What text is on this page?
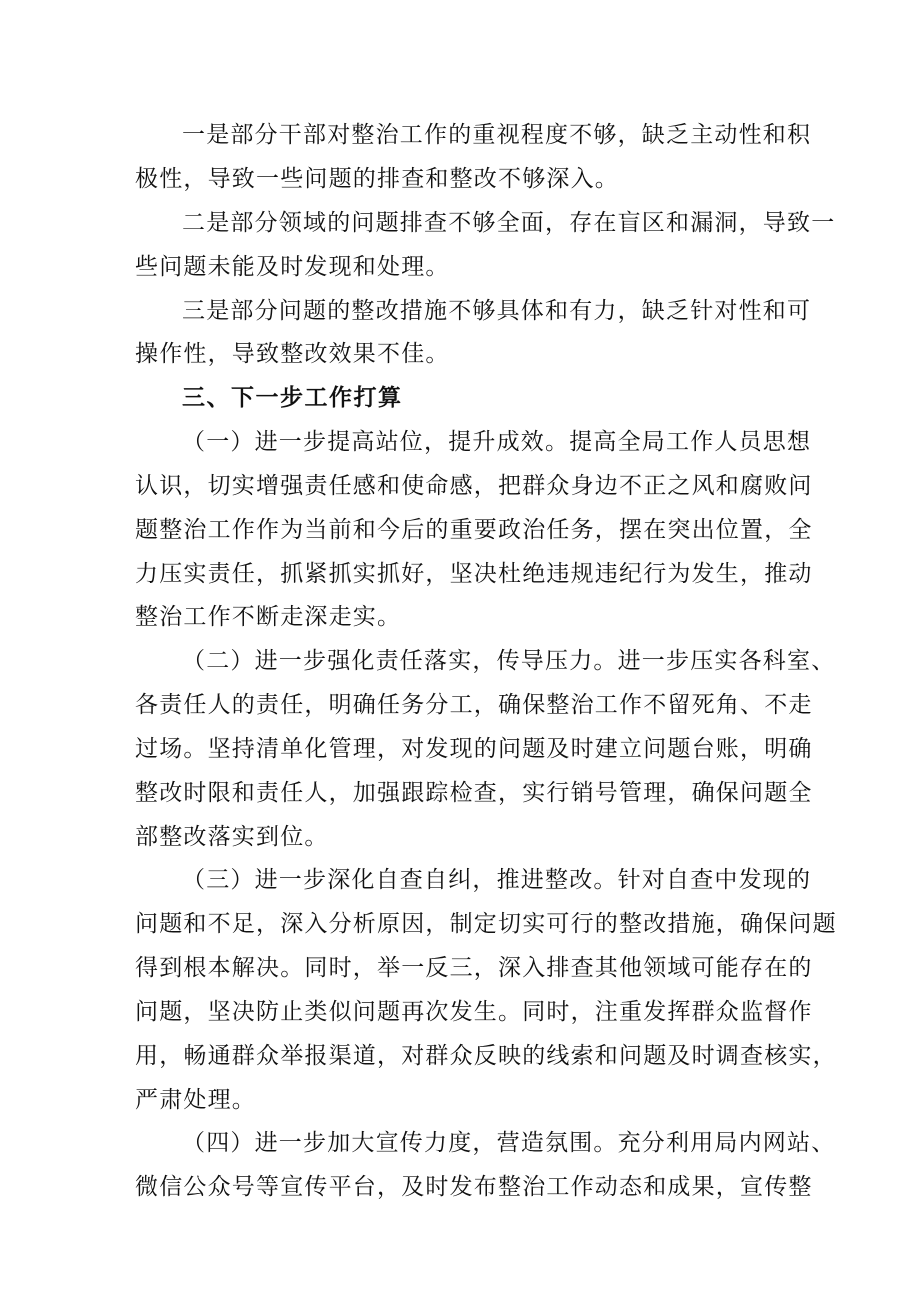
一是部分干部对整治工作的重视程度不够，缺乏主动性和积
极性，导致一些问题的排查和整改不够深入。
二是部分领域的问题排查不够全面，存在盲区和漏洞，导致一
些问题未能及时发现和处理。
三是部分问题的整改措施不够具体和有力，缺乏针对性和可
操作性，导致整改效果不佳。
三、下一步工作打算
（一）进一步提高站位，提升成效。提高全局工作人员思想
认识，切实增强责任感和使命感，把群众身边不正之风和腐败问
题整治工作作为当前和今后的重要政治任务，摆在突出位置，全
力压实责任，抓紧抓实抓好，坚决杜绝违规违纪行为发生，推动
整治工作不断走深走实。
（二）进一步强化责任落实，传导压力。进一步压实各科室、
各责任人的责任，明确任务分工，确保整治工作不留死角、不走
过场。坚持清单化管理，对发现的问题及时建立问题台账，明确
整改时限和责任人，加强跟踪检查，实行销号管理，确保问题全
部整改落实到位。
（三）进一步深化自查自纠，推进整改。针对自查中发现的
问题和不足，深入分析原因，制定切实可行的整改措施，确保问题
得到根本解决。同时，举一反三，深入排查其他领域可能存在的
问题，坚决防止类似问题再次发生。同时，注重发挥群众监督作
用，畅通群众举报渠道，对群众反映的线索和问题及时调查核实，
严肃处理。
（四）进一步加大宣传力度，营造氛围。充分利用局内网站、
微信公众号等宣传平台，及时发布整治工作动态和成果，宣传整
